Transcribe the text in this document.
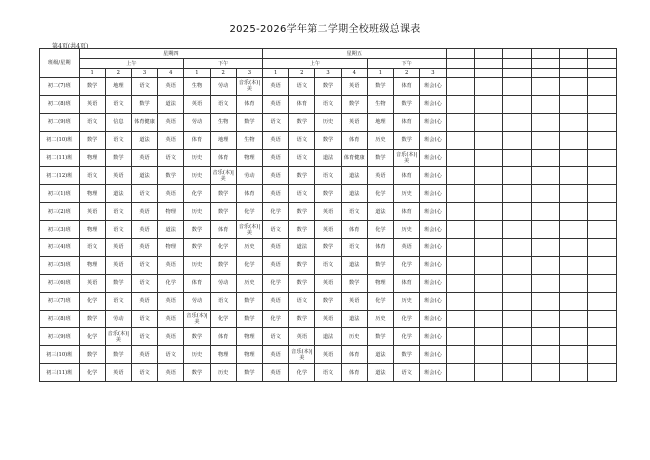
2025-2026学年第二学期全校班级总课表
第4页(共4页)
班级/星期	星期四							星期五												
	上午				下午			上午				下午								
	1	2	3	4	1	2	3	1	2	3	4	1	2	3						
初二(7)班	数学	地理	语文	英语	生物	劳动	音乐(本)|美	英语	语文	数学	英语	数学	体育	班会(心						
初二(8)班	英语	语文	数学	道法	英语	语文	体育	英语	体育	语文	数学	生物	数学	班会(心						
初二(9)班	语文	信息	体育健康	英语	劳动	生物	数学	语文	数学	历史	英语	地理	体育	班会(心						
初二(10)班	数学	语文	道法	英语	体育	地理	生物	英语	语文	数学	体育	历史	数学	班会(心						
初二(11)班	物理	数学	英语	语文	历史	体育	物理	英语	语文	道法	体育健康	数学	音乐(本)|美	班会(心						
初二(12)班	语文	英语	道法	数学	历史	音乐(本)|美	劳动	英语	数学	语文	道法	英语	体育	班会(心						
初三(1)班	物理	道法	语文	英语	化学	数学	体育	英语	语文	数学	道法	化学	历史	班会(心						
初三(2)班	英语	语文	英语	物理	历史	数学	化学	化学	数学	英语	语文	道法	体育	班会(心						
初三(3)班	物理	语文	英语	道法	数学	体育	音乐(本)|美	语文	数学	英语	体育	化学	历史	班会(心						
初三(4)班	语文	英语	英语	物理	数学	化学	历史	英语	道法	数学	语文	体育	英语	班会(心						
初三(5)班	物理	英语	语文	英语	历史	数学	化学	英语	数学	语文	道法	数学	化学	班会(心						
初三(6)班	英语	数学	语文	化学	体育	劳动	历史	化学	数学	英语	数学	物理	体育	班会(心						
初三(7)班	化学	语文	英语	英语	劳动	语文	数学	英语	语文	数学	英语	化学	历史	班会(心						
初三(8)班	数学	劳动	语文	英语	音乐(本)|美	化学	数学	化学	数学	英语	道法	历史	化学	班会(心						
初三(9)班	化学	音乐(本)|美	语文	英语	数学	体育	物理	语文	英语	道法	历史	数学	化学	班会(心						
初三(10)班	数学	数学	英语	语文	历史	物理	物理	英语	音乐(本)|美	英语	体育	道法	数学	班会(心						
初三(11)班	化学	英语	语文	英语	数学	历史	数学	英语	化学	语文	体育	道法	语文	班会(心						
